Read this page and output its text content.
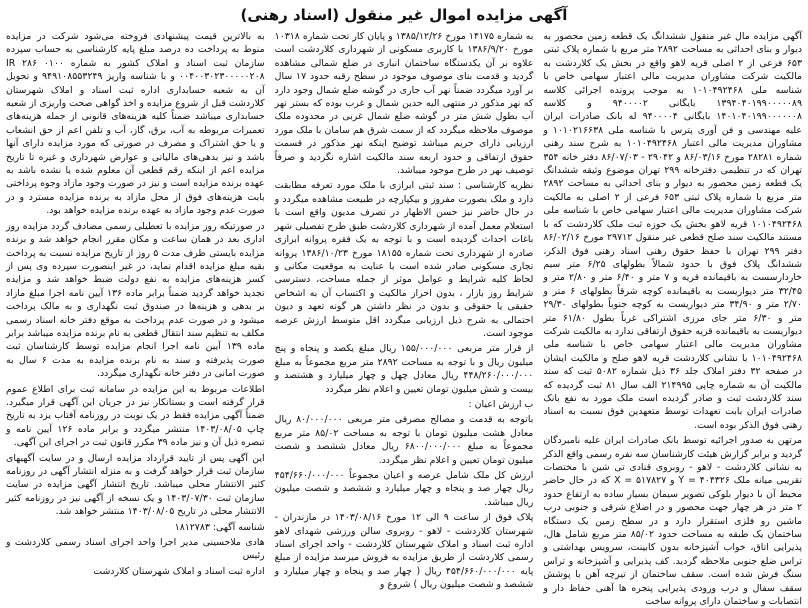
آگهی مزایده اموال غیر منقول (اسناد رهنی)

آگهی مزایده مال غیر منقول ششدانگ یک قطعه زمین محصور به دیوار و بنای احداثی به مساحت ۲۸۹۲ متر مربع با شماره پلاک ثبتی ۶۵۳ فرعی از ۲ اصلی قریه لاهو واقع در بخش یک کلاردشت به مالکیت شرکت مشاوران مدیریت مالی اعتبار سهامی خاص با شناسه ملی ۱۰۱۰۴۹۲۴۶۸ به موجب پرونده اجرائی کلاسه ۱۳۹۴۰۴۰۱۹۹۰۰۰۰۰۸۹ بایگانی ۹۴۰۰۰۰۲ و کلاسه ۱۴۰۱۰۴۰۱۹۹۰۰۰۰۰۰۸ بایگانی ۹۴۰۰۰۰۴ له بانک صادرات ایران علیه مهندسی و فن آوری پترس با شناسه ملی ۱۰۱۰۲۱۶۶۳۸ و مشاوران مدیریت مالی اعتبار ۱۰۱۰۴۹۲۴۶۸ به شرح سند رهنی شماره ۲۸۲۸۱ مورخ ۸۶/۰۳/۱۶ و ۲۹۰۴۲ - ۸۶/۰۷/۰۳ دفتر خانه ۳۵۴ تهران که در تنظیمی دفترخانه ۲۹۹ تهران موضوع وثیقه ششدانگ یک قطعه زمین محصور به دیوار و بنای احداثی به مساحت ۲۸۹۲ متر مربع با شماره پلاک ثبتی ۶۵۳ فرعی از ۲ اصلی به مالکیت شرکت مشاوران مدیریت مالی اعتبار سهامی خاص با شناسه ملی ۱۰۱۰۴۹۲۴۶۸ قریه لاهو بخش یک حوزه ثبت ملک کلاردشت که با مستند مالکیت سند صلح قطعی غیر منقول ۲۹۷۱۲ مورخ ۸۶/۰۲/۱۶ دفتر ۲۹۹ تهران با حفظ حقوق رهنی اسناد رهنی فوق الذکر، ششدانگ پلاک فوق با حدود شمالاً بطولهای ۶/۲۵ متر سیم خاردارسست به باقیمانده قریه و ۷ متر و ۶/۴۰ متر و ۲/۸۰ متر و ۳۲/۴۵ متر دیواریست به باقیمانده کوچه شرقاً بطولهای ۶ متر و ۲/۷۰ متر و ۳۴/۹۰ متر دیواریست به کوچه جنوباً بطولهای ۲۹/۳۰ متر و ۶/۳۰ متر جای مرزی اشتراکی غرباً بطول ۶۱/۸۰ متر دیواریست به باقیمانده قریه حقوق ارتفاقی ندارد به مالکیت شرکت مشاوران مدیریت مالی اعتبار سهامی خاص با شناسه ملی ۱۰۱۰۴۹۲۴۶۸ با نشانی کلاردشت قریه لاهو صلح و مالکیت ایشان در صفحه ۳۲ دفتر املاک جلد ۳۶ ذیل شماره ۵۰۸۲ ثبت که سند مالکیت آن به شماره چاپی ۲۱۴۹۹۵ الف سال ۸۱ ثبت گردیده که سند کلاردشت ثبت و صادر گردیده است ملک مورد به نفع بانک صادرات ایران بابت تعهدات توسط متعهدین فوق نسبت به اسناد رهنی فوق الذکر بوده است.

مرتهن به صدور اجرائیه توسط بانک صادرات ایران علیه نامبردگان گردید و برابر گزارش هیئت کارشناسان سه نفره رسمی واقع الذکر به نشانی کلاردشت - لاهو - روبروی قنادی تی شین با مختصات تقریبی میانه ملک ۴۰۴۳۲۶ = Y و ۵۱۷۸۲۷ = X که در حال حاضر محیط آن با دیوار بلوکی تصویر سیمان بسیار ساده به ارتفاع حدود ۲ متر در هر چهار جهت محصور و در اضلاع شرقی و جنوبی درب ماشین رو فلزی استقرار دارد و در سطح زمین یک دستگاه ساختمان یک طبقه به مساحت حدود ۸۵/۰۲ متر مربع شامل هال، پذیرایی اتاق، خواب آشپزخانه بدون کابینت، سرویس بهداشتی و تراس ضلع جنوبی ملاحظه گردید. کف پذیرایی و آشپزخانه و تراس سنگ فرش شده است. سقف ساختمان از تیرچه آهن با پوشش سقف سفال و درب ورودی پذیرایی پنجره ها آهنی حفاظ دار و انتصابات و ساختمان دارای پروانه ساخت

به شماره ۱۴۱۷۵ مورخ ۱۳۸۵/۱۲/۲۶ و پایان کار تحت شماره ۱۰۳۱۸ مورخ ۱۳۸۶/۹/۲۰ با کاربری مسکونی از شهرداری کلاردشت است علاوه بر آن یکدستگاه ساختمان انباری در ضلع شمالی مشاهده گردید و قدمت بنای موصوف موجود در سطح رقبه حدود ۱۷ سال بر آورد میگردد ضمناً نهر آب جاری در گوشه ضلع شمال وجود دارد که نهر مذکور در منتهی الیه حدین شمال و غرب بوده که بستر نهر آب بطول شش متر در گوشه ضلع شمال غربی در محدوده ملک موصوف ملاحظه میگردد که از سمت شرق هم سامان با ملک مورد ارزیابی دارای حریم میباشد توضیح اینکه نهر مذکور در قسمت حقوق ارتفاقی و حدود اربعه سند مالکیت اشاره نگردید و صرفاً توصیف نهر در طرح موجود میباشد.

نظریه کارشناسی : سند ثبتی ابرازی با ملک مورد تعرفه مطابقت دارد و ملک بصورت مفروز و بیکپارچه در طبیعت مشاهده میگردد و در حال حاضر نیز حسن الاظهار در تصرف مدیون واقع است با استعلام معمل آمده از شهرداری کلاردشت طبق طرح تفصیلی شهر باغات احداث گردیده است و با توجه به یک فقره پروانه ابرازی صادره از شهرداری تحت شماره ۱۸۱۵۵ مورخ ۱۳۸۶/۱۰/۲۳ پروانه تجاری مسکونی صادر شده است با عنایت به موقعیت مکانی و لحاظ کلیه شرایط و عوامل موثر از جمله مساحت، دسترسی شرایط روز بازار ، بدون احراز مالکیت و اکتساب آن به اشخاص حقیقی یا حقوقی و بدون در نظر داشتن هر گونه تعهد و دیون احتمالی به شرح ذیل ارزیابی میگردد اقل متوسط ارزش عرصه موجود است.

از قرار متر مربعی ۱۵۵/۰۰۰/۰۰۰ ریال مبلغ یکصد و پنجاه و پنج میلیون ریال و با توجه به مساحت ۲۸۹۲ متر مربع مجموعاً به مبلغ ۴۴۸/۲۶۰/۰۰۰/۰۰۰ ریال معادل چهل و چهار میلیارد و هشتصد و بیست و شش میلیون تومان تعیین و اعلام نظر میگردد

ب ارزش اعیان :

باتوجه به قدمت و مصالح مصرفی متر مربعی ۸۰/۰۰۰/۰۰۰ ریال معادل هشت میلیون تومان با توجه به مساحت ۸۵/۰۲ متر مربع مجموعاً به مبلغ ۶۸۰۰/۰۰۰/۰۰۰ ریال معادل ششصد و شصت میلیون تومان تعیین و اعلام نظر میگردد.

ارزش کل ملک شامل عرصه و اعیان مجموعاً ۴۵۴/۶۶۰/۰۰۰/۰۰۰ ریال چهار صد و پنجاه و چهار میلیارد و ششصد و شصت میلیون ریال میباشد.

پلاک فوق از ساعت ۹ الی ۱۲ مورخ ۱۴۰۳/۰۸/۱۶ در مازندران - شهرستان کلاردشت - لاهو - روبروی سالن ورزشی شهدای لاهو اداره ثبت اسناد و املاک شهرستان کلاردشت - واحد اجرای اسناد رسمی کلاردشت از طریق مزایده به فروش میرسد مزایده از مبلغ پایه ۴۵۴/۶۶۰/۰۰۰/۰۰۰ ریال ( چهار صد و پنجاه و چهار میلیارد و ششصد و شصت میلیون ریال ) شروع و

به بالاترین قیمت پیشنهادی فروخته می‌شود شرکت در مزایده منوط به پرداخت ده درصد مبلغ پایه کارشناسی به حساب سپرده سازمان ثبت اسناد و املاک کشور به شماره IR ۲۸۶ ۰۱۰۰ ۰۰۴۰۰۳۰۲۳۰۰۰۰۰۲۰۸ و با شناسه واریز ۹۴۹۱۰۸۵۵۳۲۴۹ و تحویل آن به شعبه حسابداری اداره ثبت اسناد و املاک شهرستان کلاردشت قبل از شروع مزایده و اخذ گواهی صحت واریزی از شعبه حسابداری میباشد ضمناً کلیه هزینه‌های قانونی از جمله هزینه‌های تعمیرات مربوطه به آب، برق، گاز، آب و تلفن اعم از حق انشعاب و یا حق اشتراک و مصرف در صورتی که مورد مزایده دارای آنها باشد و نیز بدهی‌های مالیاتی و عوارض شهرداری و غیره تا تاریخ مزایده اعم از اینکه رقم قطعی آن معلوم شده یا نشده باشد به عهده برنده مزایده است و نیز در صورت وجود مازاد وجوه پرداختی بابت هزینه‌های فوق از محل مازاد به برنده مزایده مسترد و در صورت عدم وجود مازاد به عهده برنده مزایده خواهد بود.

در صورتیکه روز مزایده با تعطیلی رسمی مصادف گردد مزایده روز اداری بعد در همان ساعت و مکان مقرر انجام خواهد شد و برنده مزایده بایستی ظرف مدت ۵ روز از تاریخ مزایده نسبت به پرداخت بقیه مبلغ مزایده اقدام نماید، در غیر اینصورت سپرده وی پس از کسر هزینه‌های مزایده به نفع دولت ضبط خواهد شد و مزایده تجدید خواهد گردید ضمناً برابر ماده ۱۳۶ آیین نامه اجرا مبلغ مازاد بر بدهی و هزینه‌ها در صندوق ثبت نگهداری و به مالک پرداخت میشود و در صورت عدم پرداخت به موقع دفتر خانه اسناد رسمی مکلف به تنظیم سند انتقال قطعی به نام برنده مزایده میباشد برابر ماده ۱۳۹ آیین نامه اجرا انجام مزایده توسط کارشناسان ثبت صورت پذیرفته و سند به نام برنده مزایده به مدت ۶ سال به صورت امانی در دفتر خانه نگهداری میگردد.

اطلاعات مربوط به این مزایده در سامانه ثبت برای اطلاع عموم قرار گرفته است و بستانکار نیز در جریان این آگهی قرار میگیرد. ضمناً آگهی مزایده فقط در یک نوبت در روزنامه آفتاب یزد به تاریخ چاپ ۱۴۰۳/۰۸/۰۵ منتشر میگردد و برابر ماده ۱۲۶ آیین نامه و تبصره ذیل آن و نیز ماده ۳۹ مکرر قانون ثبت در اجرای این آگهی.

این آگهی پس از تایید قرارداد مزایده ارسال و در سایت آگهیهای سازمان ثبت قرار خواهد گرفت و به منزله انتشار آگهی در روزنامه کثیر الانتشار محلی میباشد. تاریخ انتشار آگهی مزایده در سایت سازمان ثبت ۱۴۰۳/۰۷/۳۰ و یک نسخه از آگهی نیز در روزنامه کثیر الانتشار محلی در تاریخ ۱۴۰۳/۰۸/۰۵ منتشر خواهد شد.

شناسه آگهی: ۱۸۱۲۷۸۳

هادی ملاحسینی مدیر اجرا واحد اجرای اسناد رسمی کلاردشت و رئیس

اداره ثبت اسناد و املاک شهرستان کلاردشت
